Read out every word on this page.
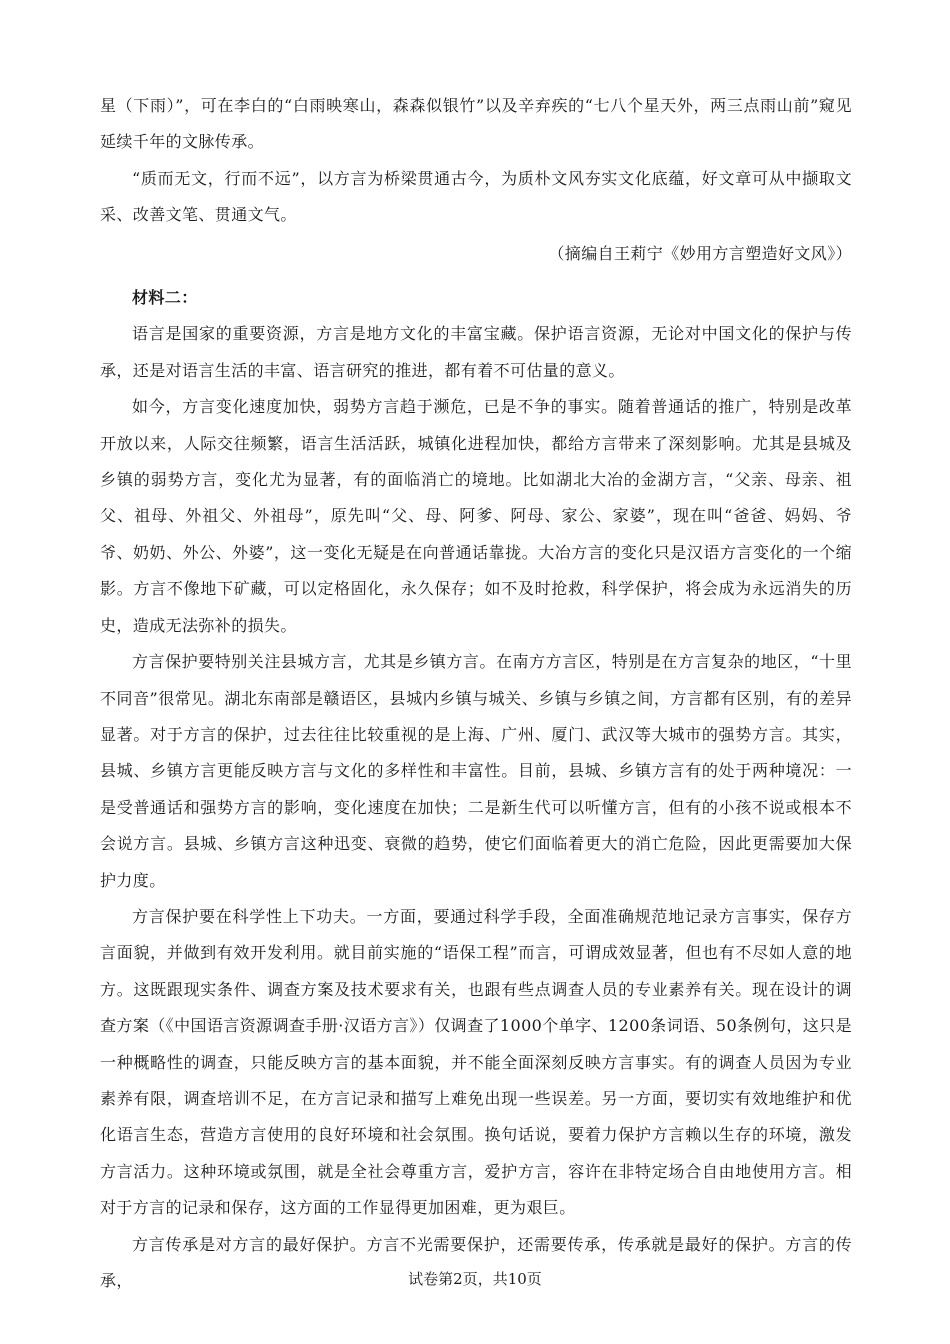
星（下雨）”，可在李白的“白雨映寒山，森森似银竹”以及辛弃疾的“七八个星天外，两三点雨山前”窥见延续千年的文脉传承。

“质而无文，行而不远”，以方言为桥梁贯通古今，为质朴文风夯实文化底蕴，好文章可从中撷取文采、改善文笔、贯通文气。

（摘编自王莉宁《妙用方言塑造好文风》）

材料二：

语言是国家的重要资源，方言是地方文化的丰富宝藏。保护语言资源，无论对中国文化的保护与传承，还是对语言生活的丰富、语言研究的推进，都有着不可估量的意义。

如今，方言变化速度加快，弱势方言趋于濒危，已是不争的事实。随着普通话的推广，特别是改革开放以来，人际交往频繁，语言生活活跃，城镇化进程加快，都给方言带来了深刻影响。尤其是县城及乡镇的弱势方言，变化尤为显著，有的面临消亡的境地。比如湖北大冶的金湖方言，“父亲、母亲、祖父、祖母、外祖父、外祖母”，原先叫“父、母、阿爹、阿母、家公、家婆”，现在叫“爸爸、妈妈、爷爷、奶奶、外公、外婆”，这一变化无疑是在向普通话靠拢。大冶方言的变化只是汉语方言变化的一个缩影。方言不像地下矿藏，可以定格固化，永久保存；如不及时抢救，科学保护，将会成为永远消失的历史，造成无法弥补的损失。

方言保护要特别关注县城方言，尤其是乡镇方言。在南方方言区，特别是在方言复杂的地区，“十里不同音”很常见。湖北东南部是赣语区，县城内乡镇与城关、乡镇与乡镇之间，方言都有区别，有的差异显著。对于方言的保护，过去往往比较重视的是上海、广州、厦门、武汉等大城市的强势方言。其实，县城、乡镇方言更能反映方言与文化的多样性和丰富性。目前，县城、乡镇方言有的处于两种境况：一是受普通话和强势方言的影响，变化速度在加快；二是新生代可以听懂方言，但有的小孩不说或根本不会说方言。县城、乡镇方言这种迅变、衰微的趋势，使它们面临着更大的消亡危险，因此更需要加大保护力度。

方言保护要在科学性上下功夫。一方面，要通过科学手段，全面准确规范地记录方言事实，保存方言面貌，并做到有效开发利用。就目前实施的“语保工程”而言，可谓成效显著，但也有不尽如人意的地方。这既跟现实条件、调查方案及技术要求有关，也跟有些点调查人员的专业素养有关。现在设计的调查方案（《中国语言资源调查手册·汉语方言》）仅调查了1000个单字、1200条词语、50条例句，这只是一种概略性的调查，只能反映方言的基本面貌，并不能全面深刻反映方言事实。有的调查人员因为专业素养有限，调查培训不足，在方言记录和描写上难免出现一些误差。另一方面，要切实有效地维护和优化语言生态，营造方言使用的良好环境和社会氛围。换句话说，要着力保护方言赖以生存的环境，激发方言活力。这种环境或氛围，就是全社会尊重方言，爱护方言，容许在非特定场合自由地使用方言。相对于方言的记录和保存，这方面的工作显得更加困难，更为艰巨。

方言传承是对方言的最好保护。方言不光需要保护，还需要传承，传承就是最好的保护。方言的传承，	试卷第2页，共10页
